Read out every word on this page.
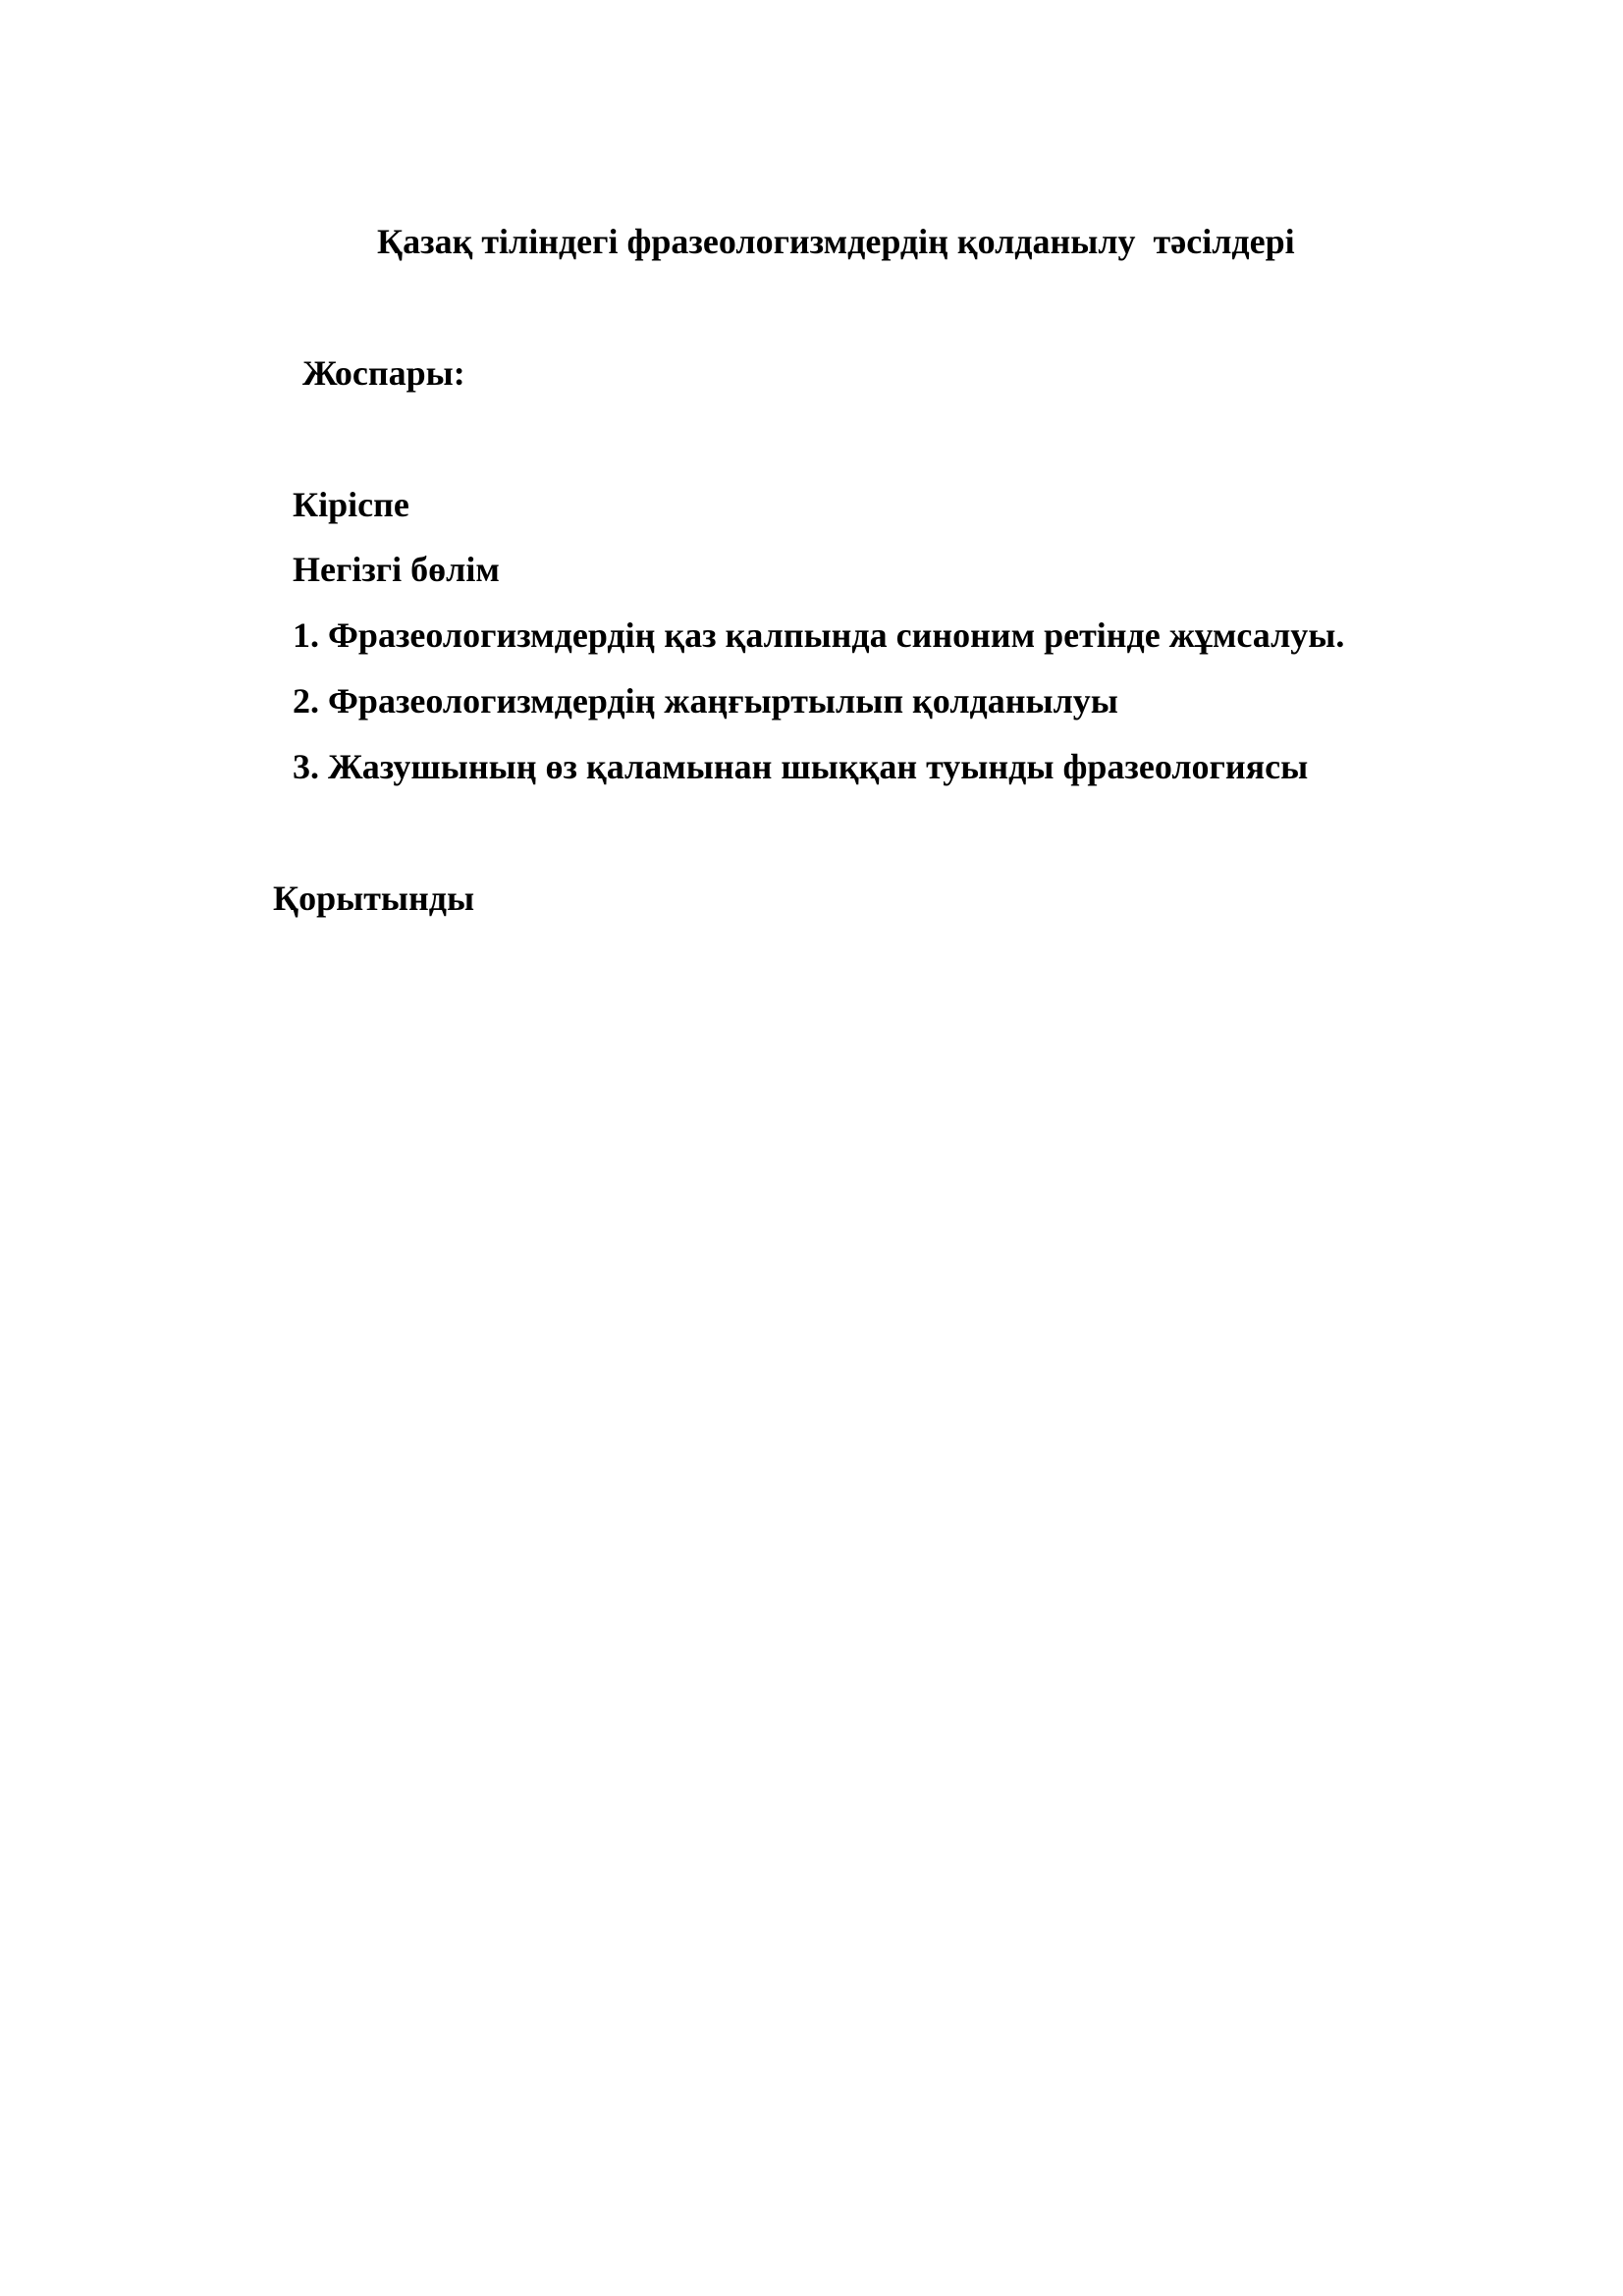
Қазақ тіліндегі фразеологизмдердің қолданылу  тәсілдері
Жоспары:
Кіріспе
Негізгі бөлім
1. Фразеологизмдердің қаз қалпында синоним ретінде жұмсалуы.
2. Фразеологизмдердің жаңғыртылып қолданылуы
3. Жазушының өз қаламынан шыққан туынды фразеологиясы
Қорытынды
